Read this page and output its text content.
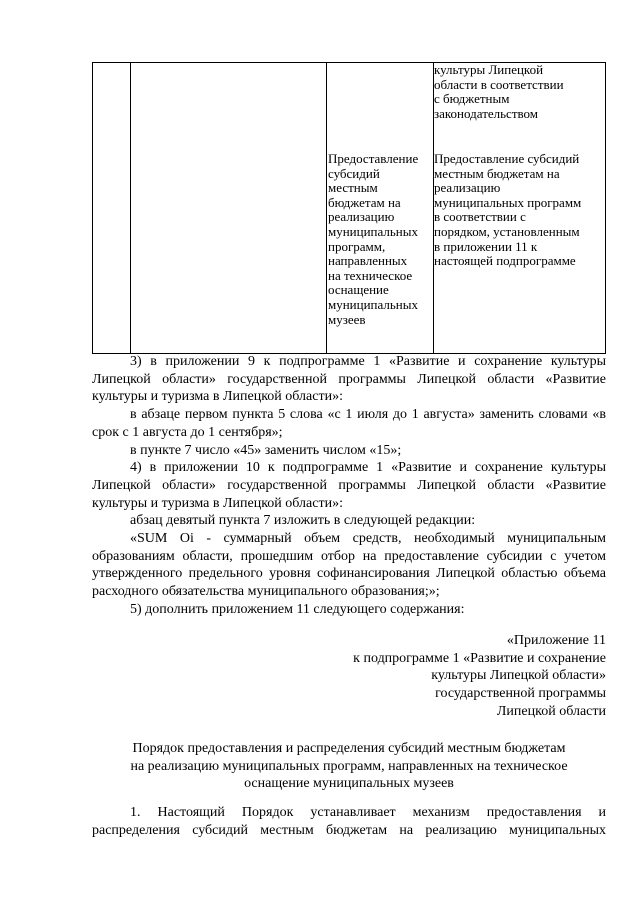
культуры Липецкой
области в соответствии
с бюджетным
законодательством
Предоставление
субсидий
местным
бюджетам на
реализацию
муниципальных
программ,
направленных
на техническое
оснащение
муниципальных
музеев
Предоставление субсидий
местным бюджетам на
реализацию
муниципальных программ
в соответствии с
порядком, установленным
в приложении 11 к
настоящей подпрограмме

3) в приложении 9 к подпрограмме 1 «Развитие и сохранение культуры Липецкой области» государственной программы Липецкой области «Развитие культуры и туризма в Липецкой области»:

в абзаце первом пункта 5 слова «с 1 июля до 1 августа» заменить словами «в срок с 1 августа до 1 сентября»;

в пункте 7 число «45» заменить числом «15»;

4) в приложении 10 к подпрограмме 1 «Развитие и сохранение культуры Липецкой области» государственной программы Липецкой области «Развитие культуры и туризма в Липецкой области»:

абзац девятый пункта 7 изложить в следующей редакции:

«SUM Oi - суммарный объем средств, необходимый муниципальным образованиям области, прошедшим отбор на предоставление субсидии с учетом утвержденного предельного уровня софинансирования Липецкой областью объема расходного обязательства муниципального образования;»;

5) дополнить приложением 11 следующего содержания:

«Приложение 11

к подпрограмме 1 «Развитие и сохранение

культуры Липецкой области»

государственной программы

Липецкой области

Порядок предоставления и распределения субсидий местным бюджетам

на реализацию муниципальных программ, направленных на техническое

оснащение муниципальных музеев

1. Настоящий Порядок устанавливает механизм предоставления и распределения субсидий местным бюджетам на реализацию муниципальных
